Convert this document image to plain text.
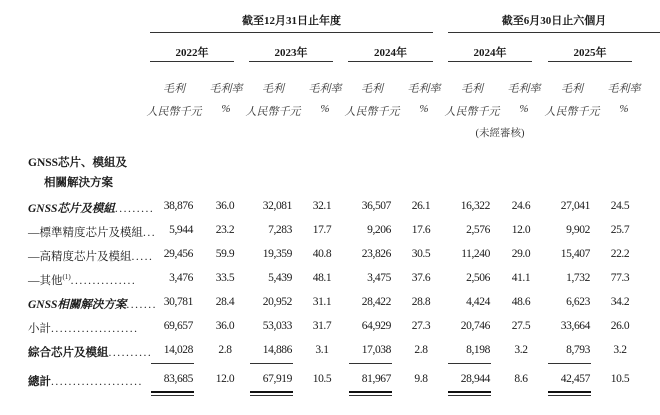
截至12月31日止年度	截至6月30日止六個月
2022年	2023年	2024年	2024年	2025年
毛利	毛利率
人民幣千元	%
毛利	毛利率
人民幣千元	%
毛利	毛利率
人民幣千元	%
毛利	毛利率
人民幣千元	%
毛利	毛利率
人民幣千元	%
(未經審核)
GNSS芯片、模組及
相關解決方案
GNSS芯片及模組......... 38,876	36.0	32,081	32.1	36,507	26.1	16,322	24.6	27,041	24.5
—標準精度芯片及模組...	5,944	23.2	7,283	17.7	9,206	17.6	2,576	12.0	9,902	25.7
—高精度芯片及模組..... 29,456	59.9	19,359	40.8	23,826	30.5	11,240	29.0	15,407	22.2
—其他$^{(1)}$...............	3,476	33.5	5,439	48.1	3,475	37.6	2,506	41.1	1,732	77.3
GNSS相關解決方案....... 30,781	28.4	20,952	31.1	28,422	28.8	4,424	48.6	6,623	34.2
小計....................	69,657	36.0	53,033	31.7	64,929	27.3	20,746	27.5	33,664	26.0
綜合芯片及模組..........	14,028	2.8	14,886	3.1	17,038	2.8	8,198	3.2	8,793	3.2
總計.....................	83,685	12.0	67,919	10.5	81,967	9.8	28,944	8.6	42,457	10.5
